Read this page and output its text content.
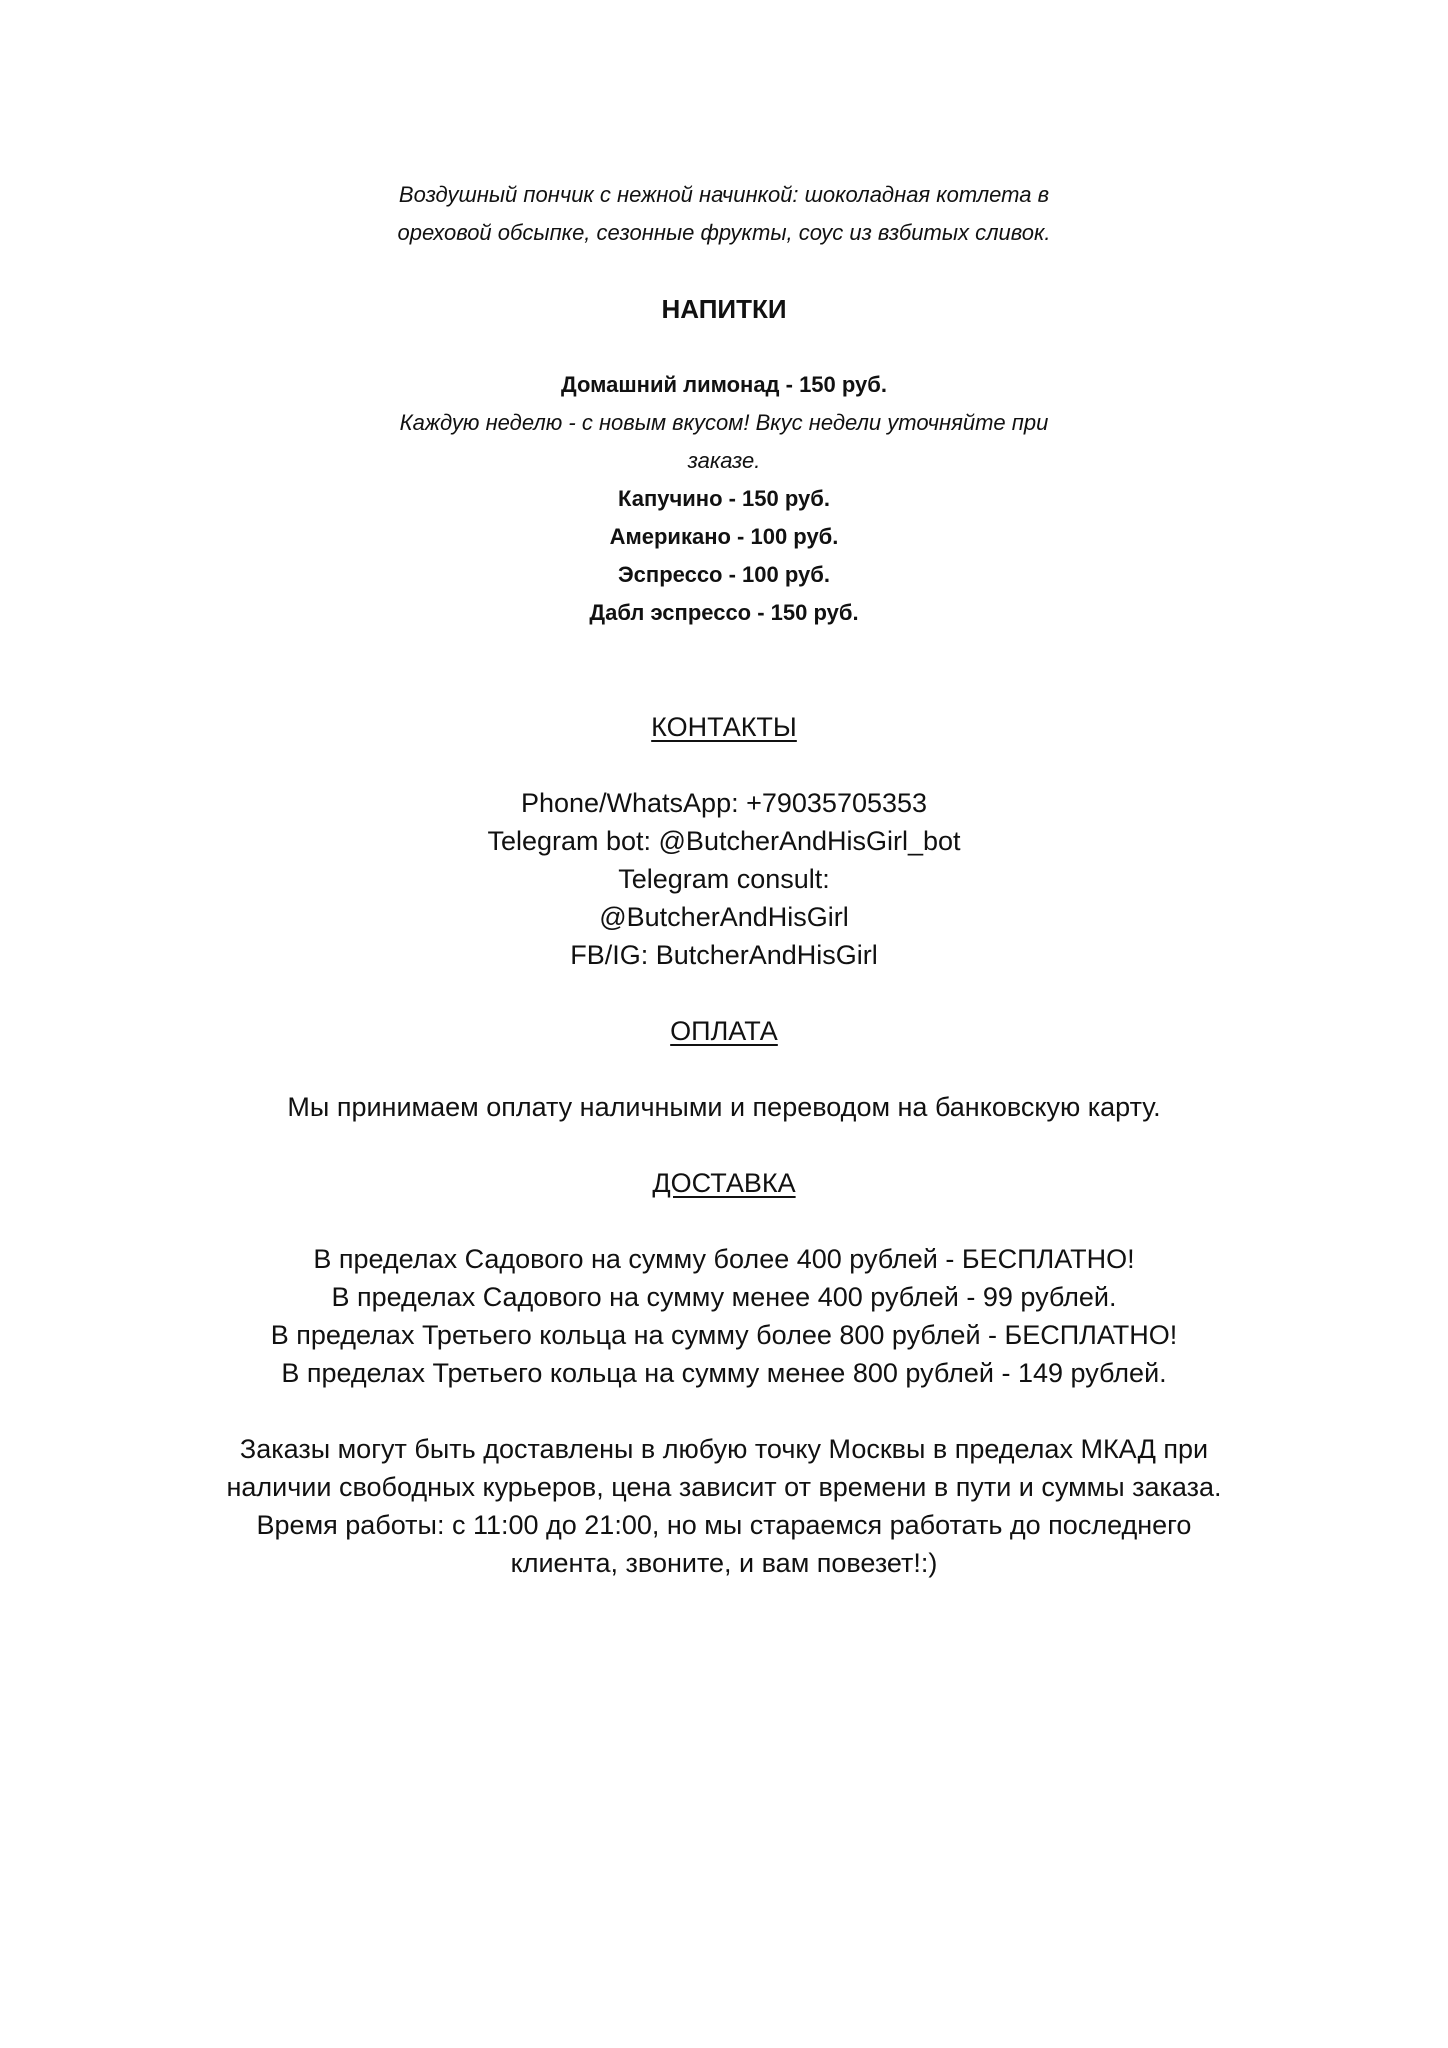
Воздушный пончик с нежной начинкой: шоколадная котлета в
ореховой обсыпке, сезонные фрукты, соус из взбитых сливок.
НАПИТКИ
Домашний лимонад - 150 руб.
Каждую неделю - с новым вкусом! Вкус недели уточняйте при
заказе.
Капучино - 150 руб.
Американо - 100 руб.
Эспрессо - 100 руб.
Дабл эспрессо - 150 руб.
КОНТАКТЫ
Phone/WhatsApp: +79035705353
Telegram bot: @ButcherAndHisGirl_bot
Telegram consult:
@ButcherAndHisGirl
FB/IG: ButcherAndHisGirl
ОПЛАТА
Мы принимаем оплату наличными и переводом на банковскую карту.
ДОСТАВКА
В пределах Садового на сумму более 400 рублей - БЕСПЛАТНО!
В пределах Садового на сумму менее 400 рублей - 99 рублей.
В пределах Третьего кольца на сумму более 800 рублей - БЕСПЛАТНО!
В пределах Третьего кольца на сумму менее 800 рублей - 149 рублей.
Заказы могут быть доставлены в любую точку Москвы в пределах МКАД при
наличии свободных курьеров, цена зависит от времени в пути и суммы заказа.
Время работы: с 11:00 до 21:00, но мы стараемся работать до последнего
клиента, звоните, и вам повезет!:)
